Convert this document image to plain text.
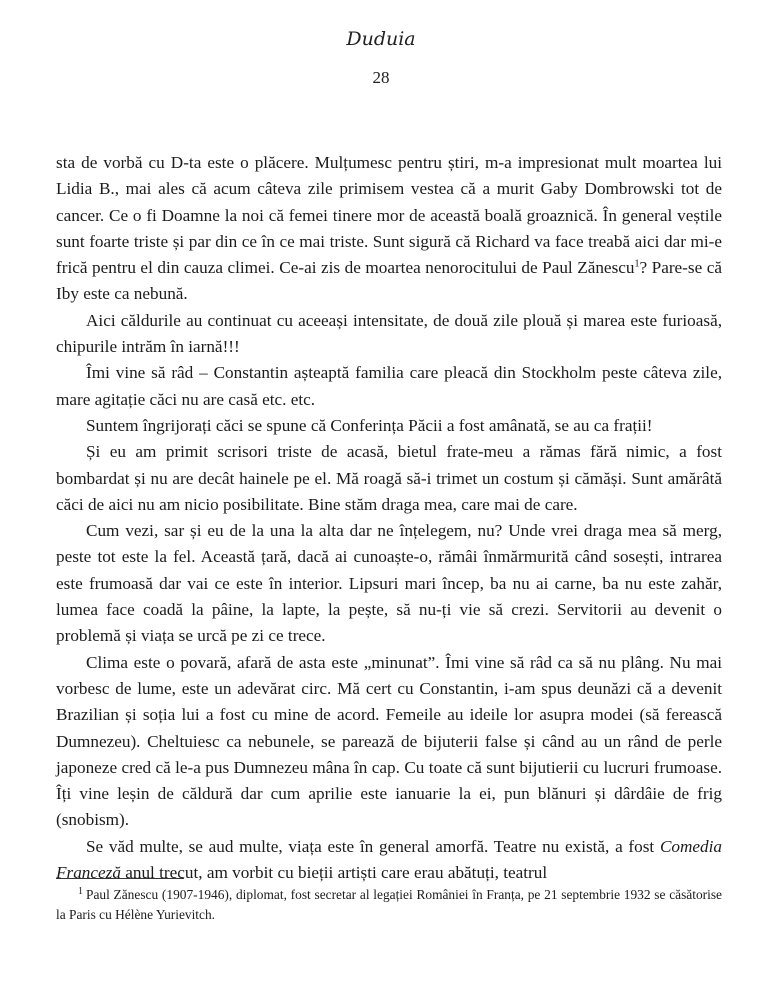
Duduia
28

sta de vorbă cu D-ta este o plăcere. Mulțumesc pentru știri, m-a impresionat mult moartea lui Lidia B., mai ales că acum câteva zile primisem vestea că a murit Gaby Dombrowski tot de cancer. Ce o fi Doamne la noi că femei tinere mor de această boală groaznică. În general veștile sunt foarte triste și par din ce în ce mai triste. Sunt sigură că Richard va face treabă aici dar mi-e frică pentru el din cauza climei. Ce-ai zis de moartea nenorocitului de Paul Zănescu$^1$? Pare-se că Iby este ca nebună.

Aici căldurile au continuat cu aceeași intensitate, de două zile plouă și marea este furioasă, chipurile intrăm în iarnă!!!

Îmi vine să râd – Constantin așteaptă familia care pleacă din Stockholm peste câteva zile, mare agitație căci nu are casă etc. etc.

Suntem îngrijorați căci se spune că Conferința Păcii a fost amânată, se au ca frații!

Și eu am primit scrisori triste de acasă, bietul frate-meu a rămas fără nimic, a fost bombardat și nu are decât hainele pe el. Mă roagă să-i trimet un costum și cămăși. Sunt amărâtă căci de aici nu am nicio posibilitate. Bine stăm draga mea, care mai de care.

Cum vezi, sar și eu de la una la alta dar ne înțelegem, nu? Unde vrei draga mea să merg, peste tot este la fel. Această țară, dacă ai cunoaște-o, rămâi înmărmurită când sosești, intrarea este frumoasă dar vai ce este în interior. Lipsuri mari încep, ba nu ai carne, ba nu este zahăr, lumea face coadă la pâine, la lapte, la pește, să nu-ți vie să crezi. Servitorii au devenit o problemă și viața se urcă pe zi ce trece.

Clima este o povară, afară de asta este „minunat”. Îmi vine să râd ca să nu plâng. Nu mai vorbesc de lume, este un adevărat circ. Mă cert cu Constantin, i-am spus deunăzi că a devenit Brazilian și soția lui a fost cu mine de acord. Femeile au ideile lor asupra modei (să ferească Dumnezeu). Cheltuiesc ca nebunele, se parează de bijuterii false și când au un rând de perle japoneze cred că le-a pus Dumnezeu mâna în cap. Cu toate că sunt bijutierii cu lucruri frumoase. Îți vine leșin de căldură dar cum aprilie este ianuarie la ei, pun blănuri și dârdâie de frig (snobism).

Se văd multe, se aud multe, viața este în general amorfă. Teatre nu există, a fost Comedia Franceză anul trecut, am vorbit cu bieții artiști care erau abătuți, teatrul

$^1$ Paul Zănescu (1907-1946), diplomat, fost secretar al legației României în Franța, pe 21 septembrie 1932 se căsătorise la Paris cu Hélène Yurievitch.
